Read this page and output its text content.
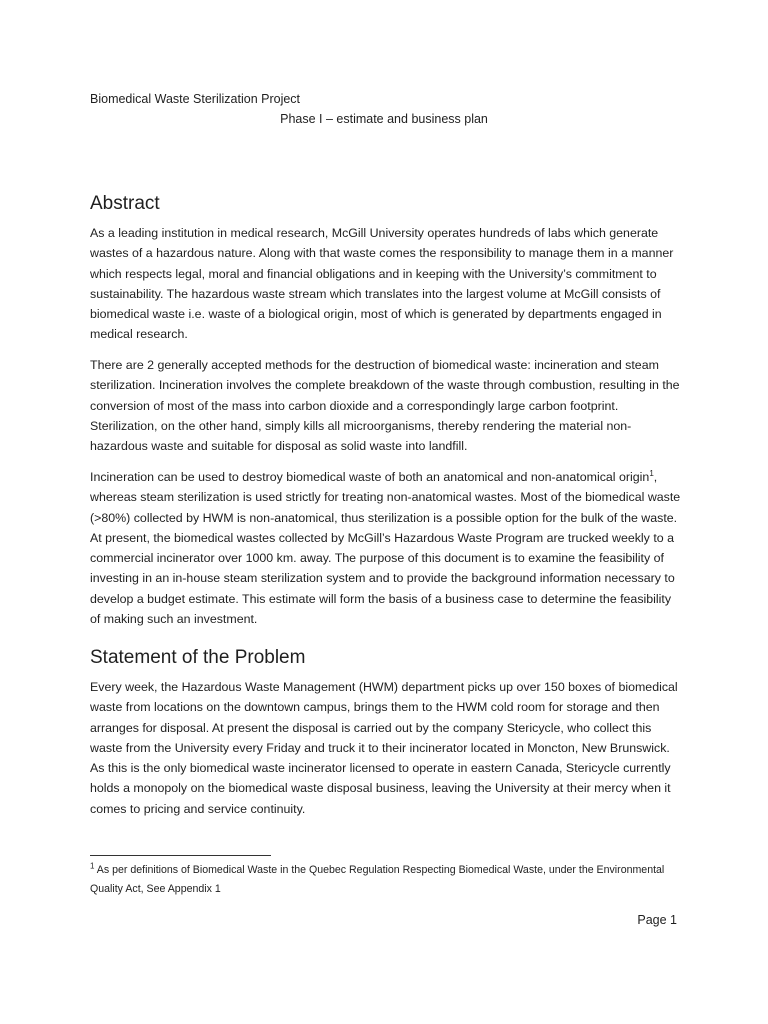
Biomedical Waste Sterilization Project
Phase I – estimate and business plan
Abstract

As a leading institution in medical research, McGill University operates hundreds of labs which generate wastes of a hazardous nature. Along with that waste comes the responsibility to manage them in a manner which respects legal, moral and financial obligations and in keeping with the University’s commitment to sustainability. The hazardous waste stream which translates into the largest volume at McGill consists of biomedical waste i.e. waste of a biological origin, most of which is generated by departments engaged in medical research.

There are 2 generally accepted methods for the destruction of biomedical waste: incineration and steam sterilization. Incineration involves the complete breakdown of the waste through combustion, resulting in the conversion of most of the mass into carbon dioxide and a correspondingly large carbon footprint. Sterilization, on the other hand, simply kills all microorganisms, thereby rendering the material non-hazardous waste and suitable for disposal as solid waste into landfill.

Incineration can be used to destroy biomedical waste of both an anatomical and non-anatomical origin$^1$, whereas steam sterilization is used strictly for treating non-anatomical wastes. Most of the biomedical waste (>80%) collected by HWM is non-anatomical, thus sterilization is a possible option for the bulk of the waste. At present, the biomedical wastes collected by McGill’s Hazardous Waste Program are trucked weekly to a commercial incinerator over 1000 km. away. The purpose of this document is to examine the feasibility of investing in an in-house steam sterilization system and to provide the background information necessary to develop a budget estimate. This estimate will form the basis of a business case to determine the feasibility of making such an investment.

Statement of the Problem

Every week, the Hazardous Waste Management (HWM) department picks up over 150 boxes of biomedical waste from locations on the downtown campus, brings them to the HWM cold room for storage and then arranges for disposal. At present the disposal is carried out by the company Stericycle, who collect this waste from the University every Friday and truck it to their incinerator located in Moncton, New Brunswick. As this is the only biomedical waste incinerator licensed to operate in eastern Canada, Stericycle currently holds a monopoly on the biomedical waste disposal business, leaving the University at their mercy when it comes to pricing and service continuity.

$^1$ As per definitions of Biomedical Waste in the Quebec Regulation Respecting Biomedical Waste, under the Environmental Quality Act, See Appendix 1

Page 1
